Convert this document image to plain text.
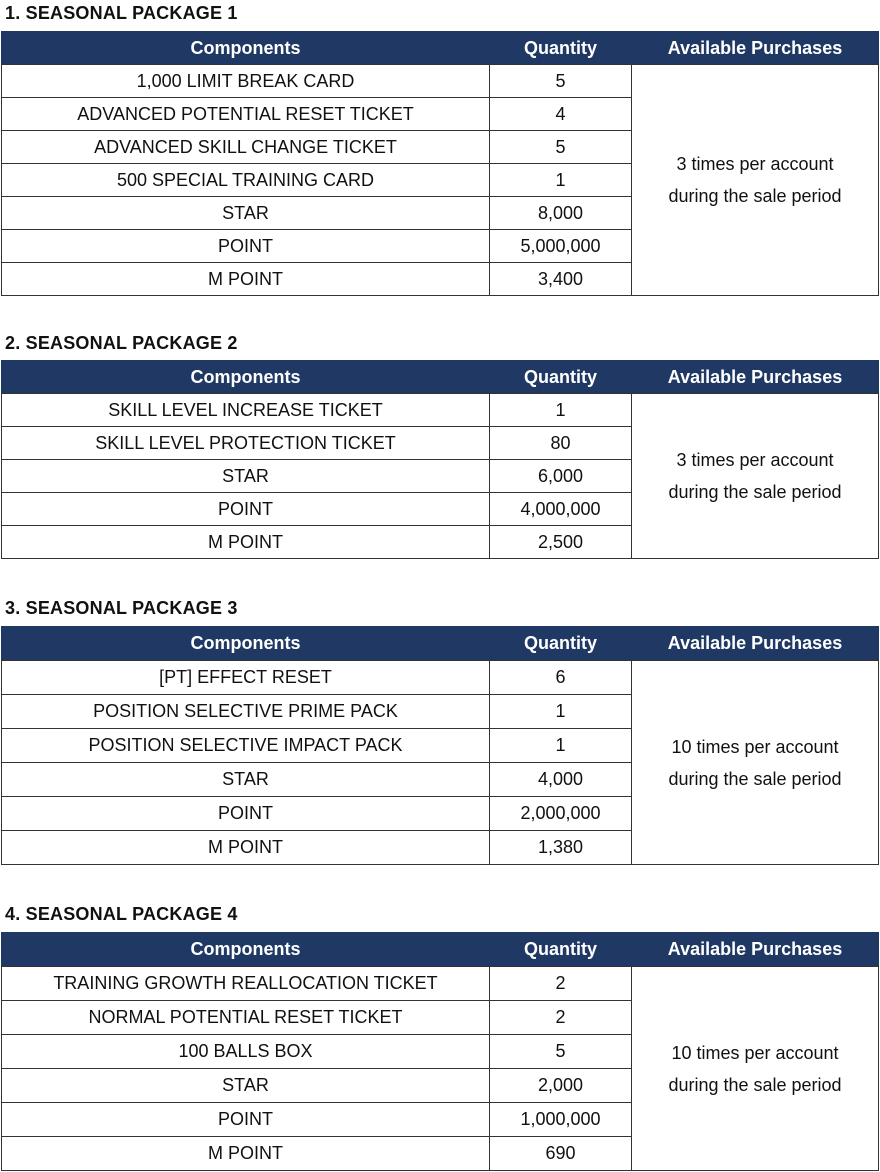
1. SEASONAL PACKAGE 1
Components	Quantity	Available Purchases
1,000 LIMIT BREAK CARD	5	3 times per account
during the sale period

ADVANCED POTENTIAL RESET TICKET	4	
ADVANCED SKILL CHANGE TICKET	5	
500 SPECIAL TRAINING CARD	1	
STAR	8,000	
POINT	5,000,000	
M POINT	3,400	
2. SEASONAL PACKAGE 2
Components	Quantity	Available Purchases
SKILL LEVEL INCREASE TICKET	1	3 times per account
during the sale period

SKILL LEVEL PROTECTION TICKET	80	
STAR	6,000	
POINT	4,000,000	
M POINT	2,500	
3. SEASONAL PACKAGE 3
Components	Quantity	Available Purchases
[PT] EFFECT RESET	6	10 times per account
during the sale period

POSITION SELECTIVE PRIME PACK	1	
POSITION SELECTIVE IMPACT PACK	1	
STAR	4,000	
POINT	2,000,000	
M POINT	1,380	
4. SEASONAL PACKAGE 4
Components	Quantity	Available Purchases
TRAINING GROWTH REALLOCATION TICKET	2	10 times per account
during the sale period

NORMAL POTENTIAL RESET TICKET	2	
100 BALLS BOX	5	
STAR	2,000	
POINT	1,000,000	
M POINT	690	
